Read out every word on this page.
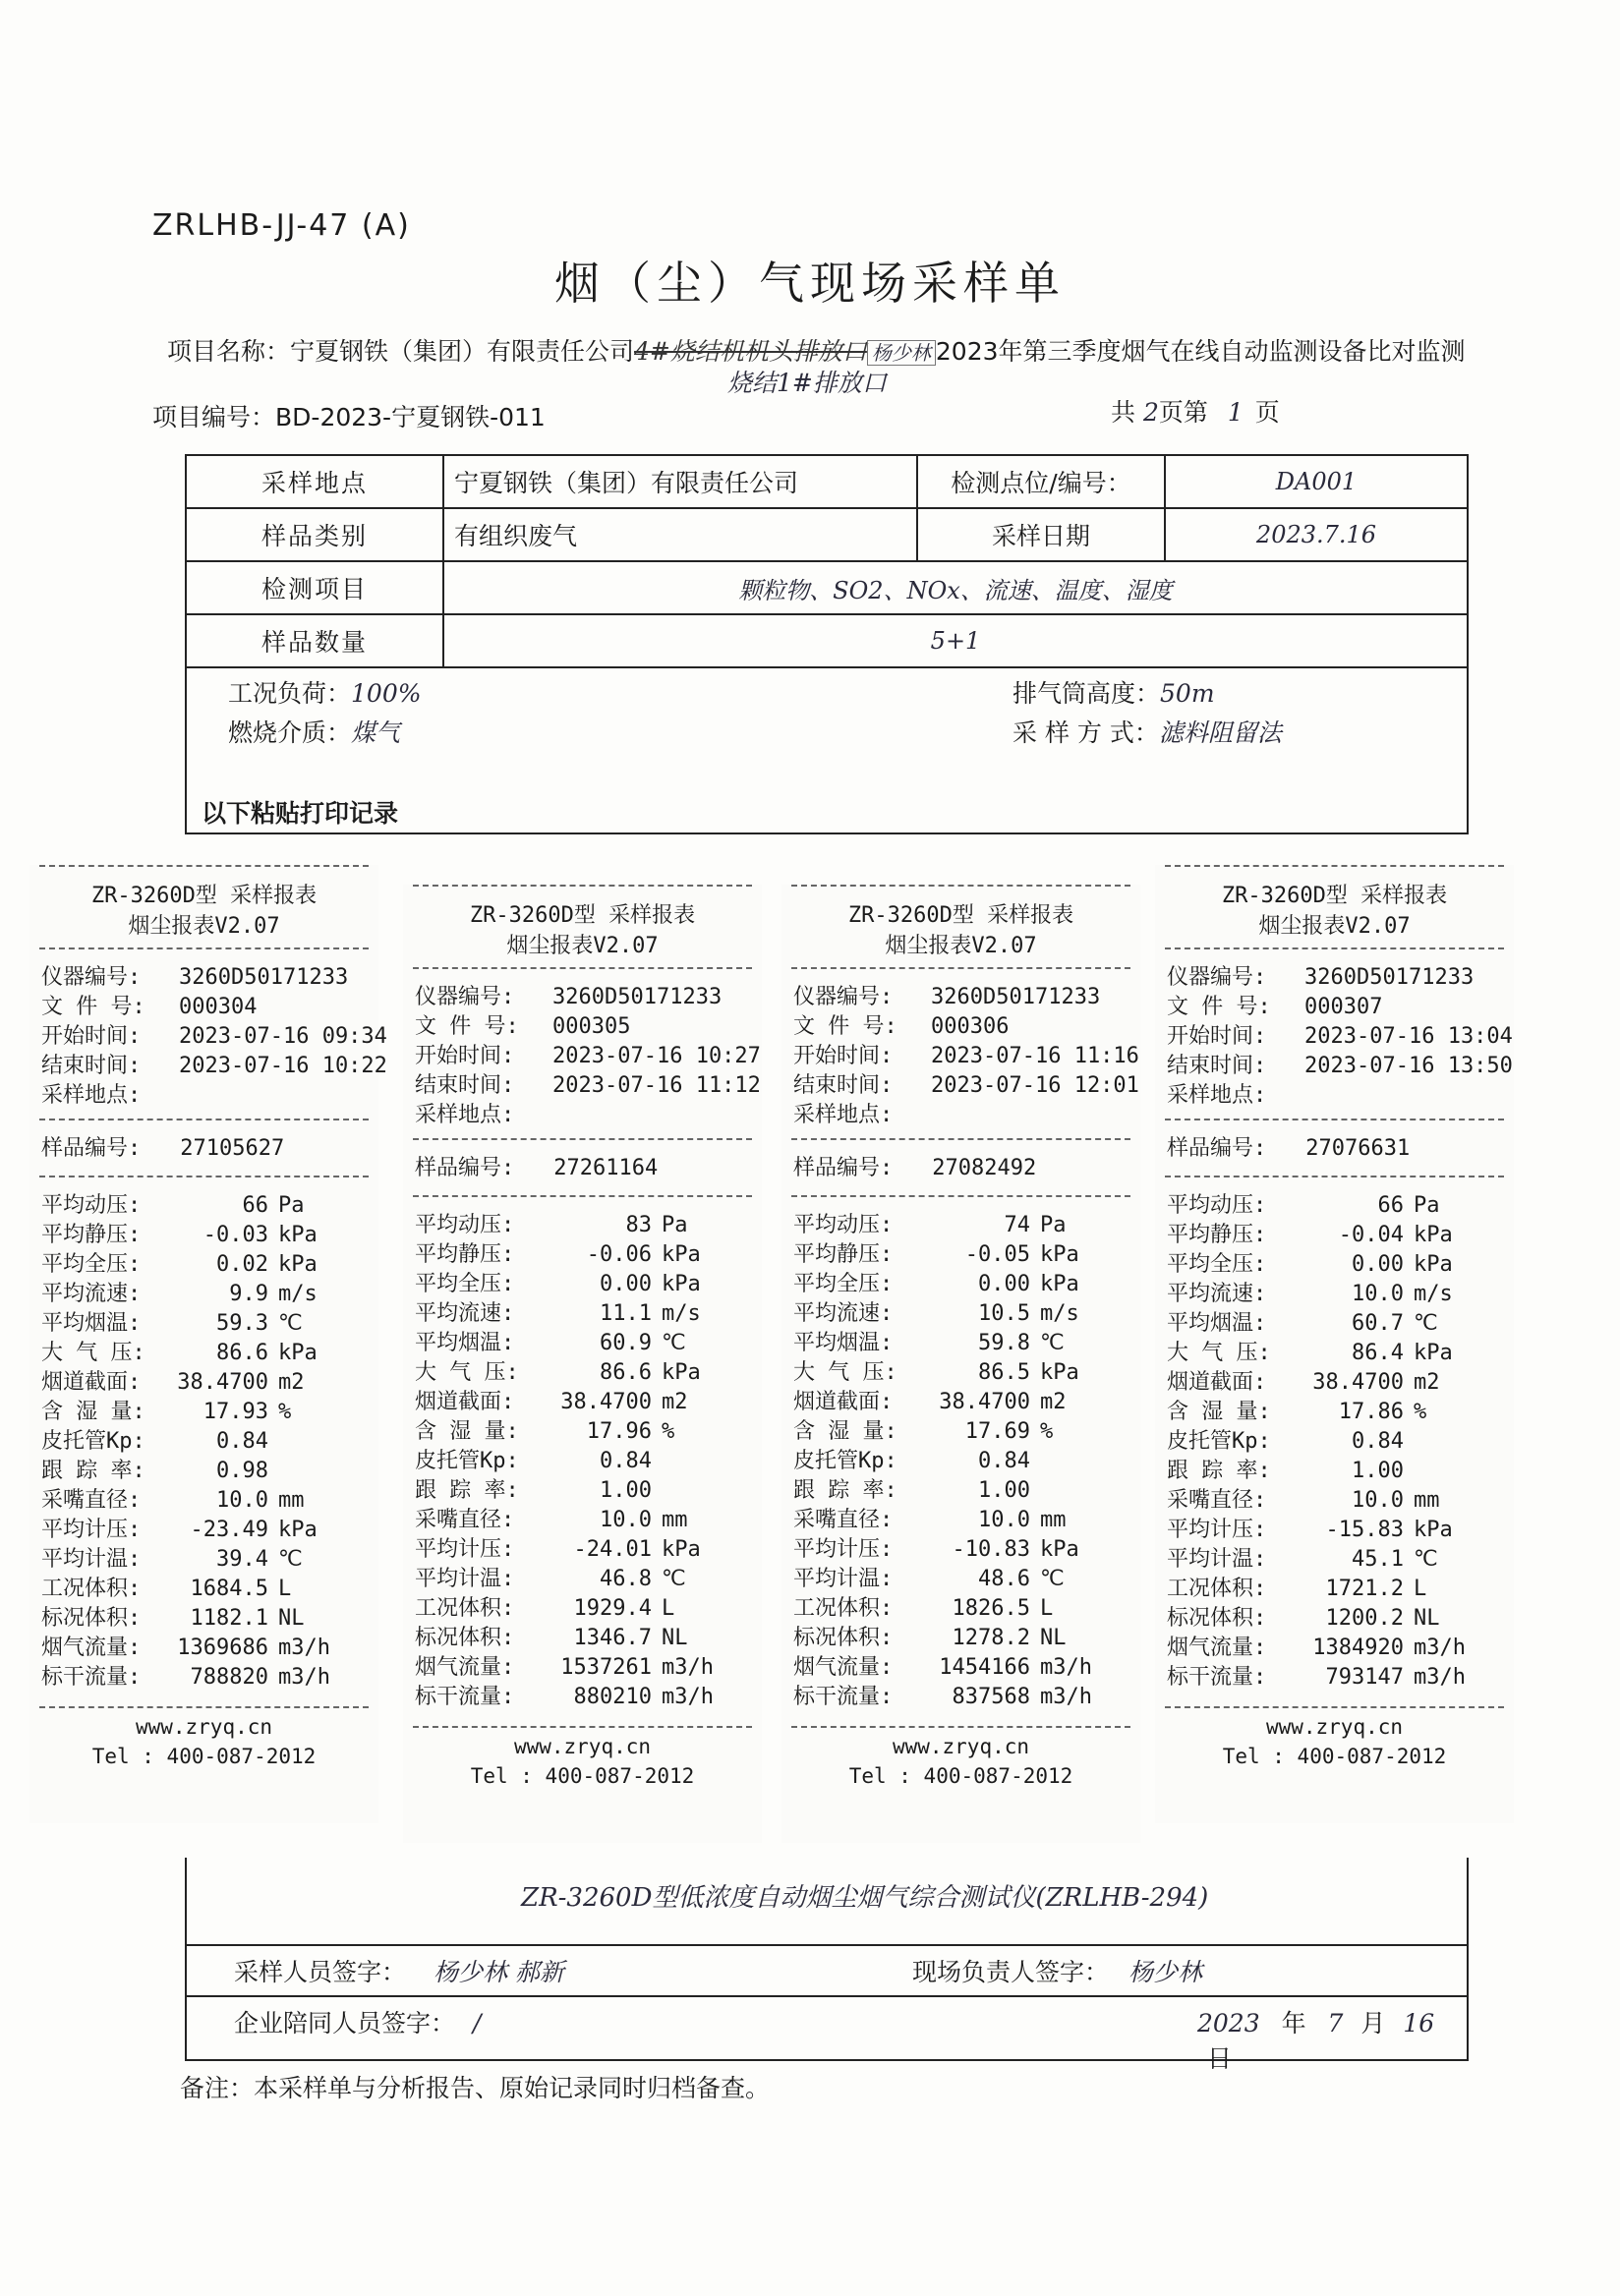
ZRLHB-JJ-47 (A)
烟（尘）气现场采样单
项目名称：宁夏钢铁（集团）有限责任公司4#烧结机机头排放口 杨少林 2023年第三季度烟气在线自动监测设备比对监测
烧结1#排放口
项目编号：BD-2023-宁夏钢铁-011	共 2页第 1 页
采样地点	宁夏钢铁（集团）有限责任公司	检测点位/编号：	DA001
样品类别	有组织废气	采样日期	2023.7.16
检测项目	颗粒物、SO2、NOx、流速、温度、湿度		
样品数量	5+1		
工况负荷：100%
燃烧介质：煤气
排气筒高度：50m
采 样 方 式：滤料阻留法
以下粘贴打印记录
ZR-3260D型 采样报表
烟尘报表V2.07
仪器编号: 3260D5017123​3
文 件 号: 000304
开始时间: 2023-07-16 09:34
结束时间: 2023-07-16 10:22
采样地点:
样品编号: 27105627
平均动压:	66 Pa
平均静压:	-0.03 kPa
平均全压:	0.02 kPa
平均流速:	9.9 m/s
平均烟温:	59.3 ℃
大 气 压:	86.6 kPa
烟道截面: 38.4700 m2
含 湿 量:	17.93 %
皮托管Kp:	0.84
跟 踪 率:	0.98
采嘴直径:	10.0 mm
平均计压: -23.49 kPa
平均计温:	39.4 ℃
工况体积: 1684.5 L
标况体积: 1182.1 NL
烟气流量: 1369686 m3/h
标干流量: 788820 m3/h
www.zryq.cn
Tel : 400-087-2012
ZR-3260D型 采样报表
烟尘报表V2.07
仪器编号: 3260D50171233
文 件 号: 000305
开始时间: 2023-07-16 10:27
结束时间: 2023-07-16 11:12
采样地点:
样品编号: 27261164
平均动压:	83 Pa
平均静压:	-0.06 kPa
平均全压:	0.00 kPa
平均流速:	11.1 m/s
平均烟温:	60.9 ℃
大 气 压:	86.6 kPa
烟道截面: 38.4700 m2
含 湿 量:	17.96 %
皮托管Kp:	0.84
跟 踪 率:	1.00
采嘴直径:	10.0 mm
平均计压:	-24.01 kPa
平均计温:	46.8 ℃
工况体积:	1929.4 L
标况体积:	1346.7 NL
烟气流量: 1537261 m3/h
标干流量:	880210 m3/h
www.zryq.cn
Tel : 400-087-2012
ZR-3260D型 采样报表
烟尘报表V2.07
仪器编号: 3260D50171233
文 件 号: 000306
开始时间: 2023-07-16 11:16
结束时间: 2023-07-16 12:01
采样地点:
样品编号: 27082492
平均动压:	74 Pa
平均静压:	-0.05 kPa
平均全压:	0.00 kPa
平均流速:	10.5 m/s
平均烟温:	59.8 ℃
大 气 压:	86.5 kPa
烟道截面: 38.4700 m2
含 湿 量:	17.69 %
皮托管Kp:	0.84
跟 踪 率:	1.00
采嘴直径:	10.0 mm
平均计压:	-10.83 kPa
平均计温:	48.6 ℃
工况体积:	1826.5 L
标况体积:	1278.2 NL
烟气流量: 1454166 m3/h
标干流量:	837568 m3/h
www.zryq.cn
Tel : 400-087-2012
ZR-3260D型 采样报表
烟尘报表V2.07
仪器编号: 3260D50171233
文 件 号: 000307
开始时间: 2023-07-16 13:04
结束时间: 2023-07-16 13:50
采样地点:
样品编号: 27076631
平均动压:	66 Pa
平均静压:	-0.04 kPa
平均全压:	0.00 kPa
平均流速:	10.0 m/s
平均烟温:	60.7 ℃
大 气 压:	86.4 kPa
烟道截面: 38.4700 m2
含 湿 量:	17.86 %
皮托管Kp:	0.84
跟 踪 率:	1.00
采嘴直径:	10.0 mm
平均计压:	-15.83 kPa
平均计温:	45.1 ℃
工况体积:	1721.2 L
标况体积:	1200.2 NL
烟气流量: 1384920 m3/h
标干流量:	793147 m3/h
www.zryq.cn
Tel : 400-087-2012
ZR-3260D型低浓度自动烟尘烟气综合测试仪(ZRLHB-294)
采样人员签字： 杨少林 郝新	现场负责人签字： 杨少林

企业陪同人员签字： /	2023 年 7 月 16 日
备注：本采样单与分析报告、原始记录同时归档备查。
